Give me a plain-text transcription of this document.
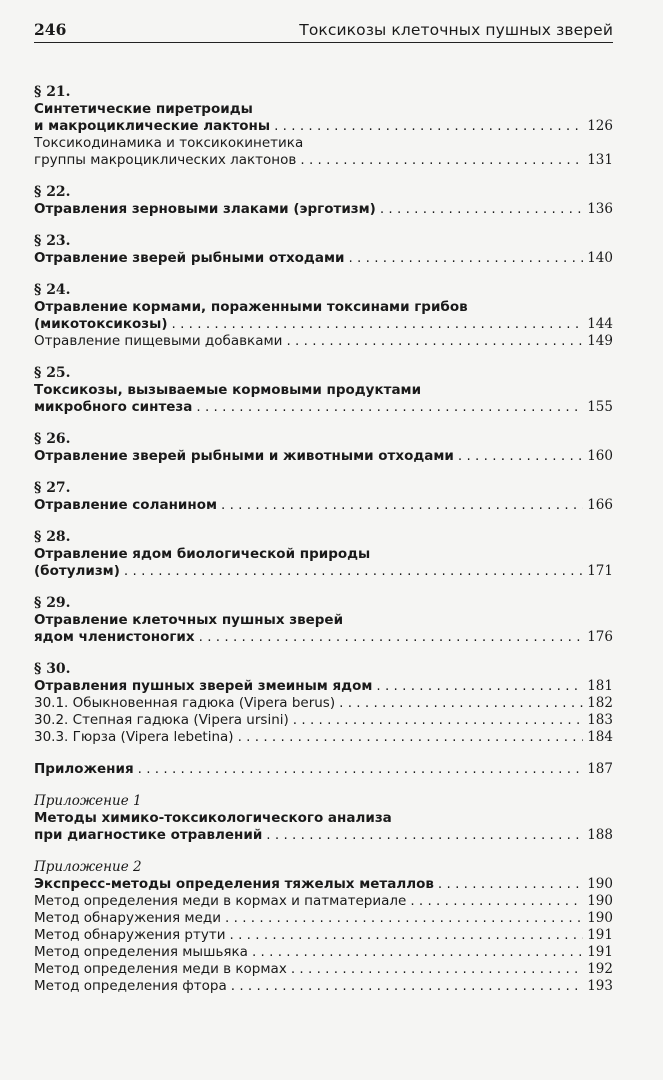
246	Токсикозы клеточных пушных зверей
§ 21.
Синтетические пиретроиды
и макроциклические лактоны . . .	126
Токсикодинамика и токсикокинетика
группы макроциклических лактонов . . .	131
§ 22.
Отравления зерновыми злаками (эрготизм) . . .	136
§ 23.
Отравление зверей рыбными отходами . . .	140
§ 24.
Отравление кормами, пораженными токсинами грибов
(микотоксикозы) . . .	144
Отравление пищевыми добавками . . .	149
§ 25.
Токсикозы, вызываемые кормовыми продуктами
микробного синтеза . . .	155
§ 26.
Отравление зверей рыбными и животными отходами . . .	160
§ 27.
Отравление соланином . . .	166
§ 28.
Отравление ядом биологической природы
(ботулизм) . . .	171
§ 29.
Отравление клеточных пушных зверей
ядом членистоногих . . .	176
§ 30.
Отравления пушных зверей змеиным ядом . . .	181
30.1. Обыкновенная гадюка (Vipera berus) . . .	182
30.2. Степная гадюка (Vipera ursini) . . .	183
30.3. Гюрза (Vipera lebetina) . . .	184
Приложения . . .	187
Приложение 1
Методы химико-токсикологического анализа
при диагностике отравлений . . .	188
Приложение 2
Экспресс-методы определения тяжелых металлов . . .	190
Метод определения меди в кормах и патматериале . . .	190
Метод обнаружения меди . . .	190
Метод обнаружения ртути . . .	191
Метод определения мышьяка . . .	191
Метод определения меди в кормах . . .	192
Метод определения фтора . . .	193
